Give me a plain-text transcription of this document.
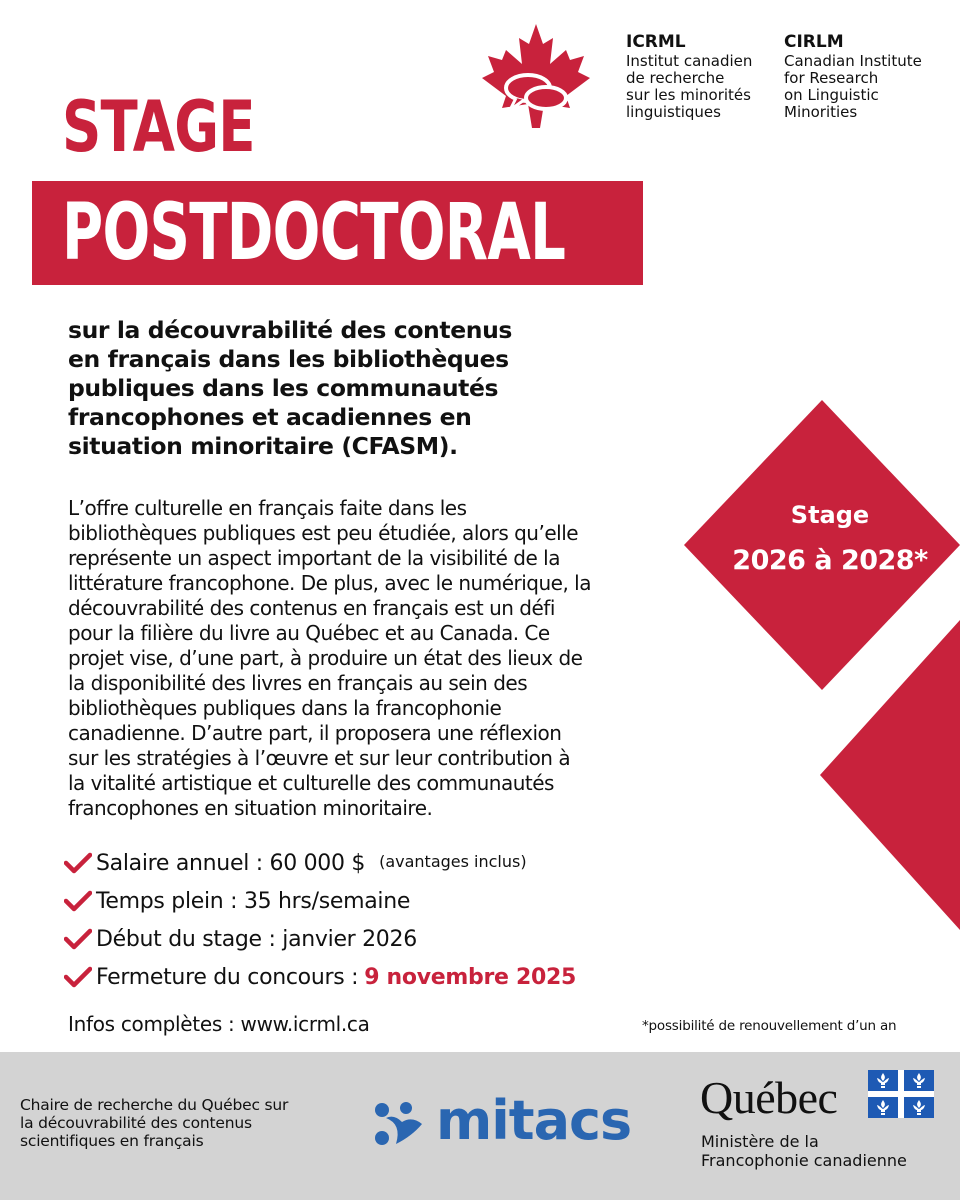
ICRML
Institut canadien
de recherche
sur les minorités
linguistiques
CIRLM
Canadian Institute
for Research
on Linguistic
Minorities
STAGE
POSTDOCTORAL
sur la découvrabilité des contenus
en français dans les bibliothèques
publiques dans les communautés
francophones et acadiennes en
situation minoritaire (CFASM).
L’offre culturelle en français faite dans les
bibliothèques publiques est peu étudiée, alors qu’elle
représente un aspect important de la visibilité de la
littérature francophone. De plus, avec le numérique, la
découvrabilité des contenus en français est un défi
pour la filière du livre au Québec et au Canada. Ce
projet vise, d’une part, à produire un état des lieux de
la disponibilité des livres en français au sein des
bibliothèques publiques dans la francophonie
canadienne. D’autre part, il proposera une réflexion
sur les stratégies à l’œuvre et sur leur contribution à
la vitalité artistique et culturelle des communautés
francophones en situation minoritaire.
Stage
2026 à 2028*
Salaire annuel : 60 000 $ (avantages inclus)
Temps plein : 35 hrs/semaine
Début du stage : janvier 2026
Fermeture du concours : 9 novembre 2025
Infos complètes : www.icrml.ca	*possibilité de renouvellement d’un an
Chaire de recherche du Québec sur
la découvrabilité des contenus
scientifiques en français	mitacs Québec
Ministère de la
Francophonie canadienne
